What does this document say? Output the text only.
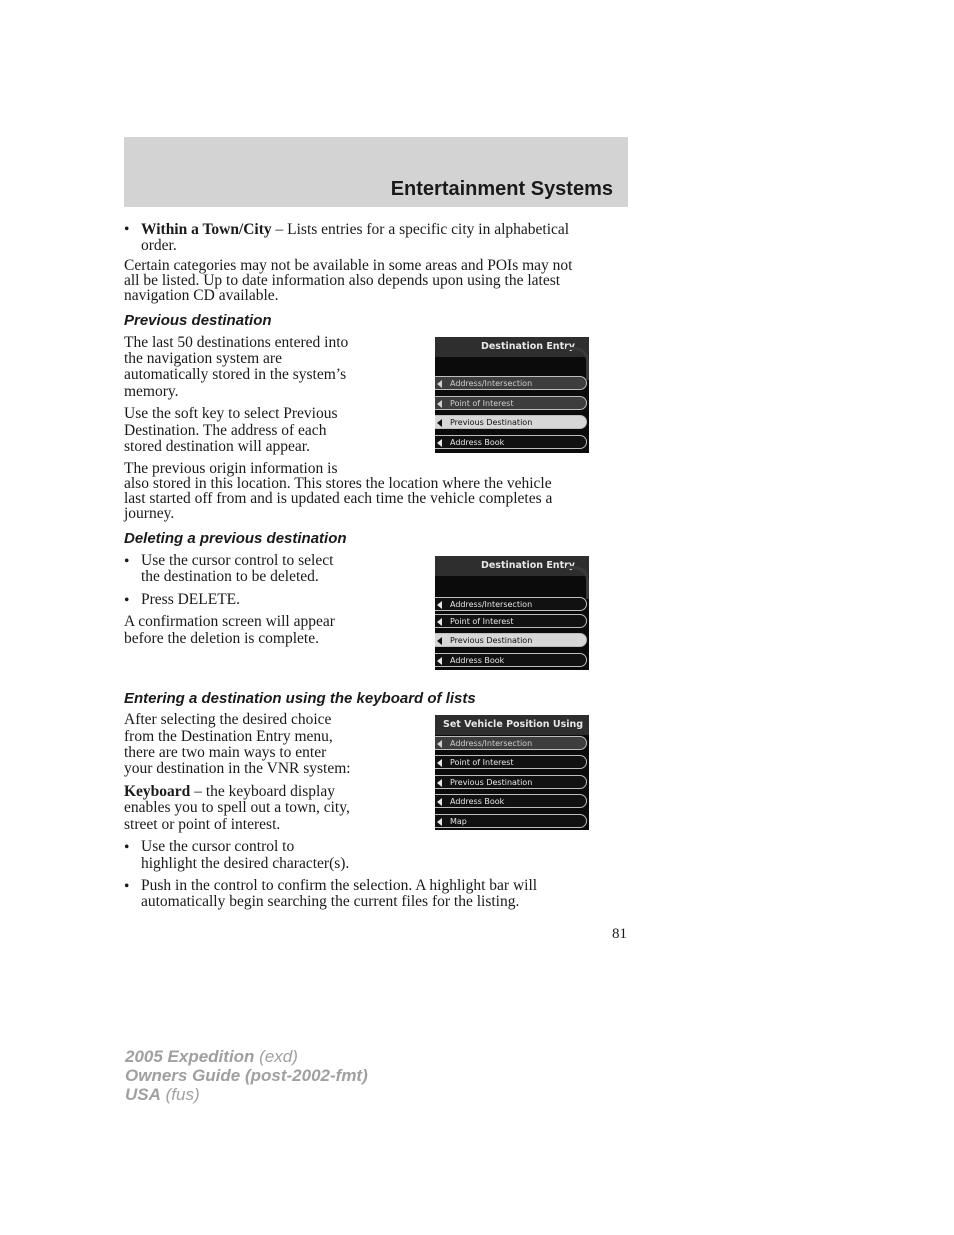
Entertainment Systems
• Within a Town/City – Lists entries for a specific city in alphabetical

order.

Certain categories may not be available in some areas and POIs may not

all be listed. Up to date information also depends upon using the latest

navigation CD available.

Previous destination

The last 50 destinations entered into

the navigation system are

automatically stored in the system’s

memory.

Use the soft key to select Previous

Destination. The address of each

stored destination will appear.

The previous origin information is

also stored in this location. This stores the location where the vehicle

last started off from and is updated each time the vehicle completes a

journey.

Destination Entry
Address/Intersection
Point of Interest
Previous Destination
Address Book
Deleting a previous destination
• Use the cursor control to select

the destination to be deleted.

• Press DELETE.

A confirmation screen will appear

before the deletion is complete.

Destination Entry
Address/Intersection
Point of Interest
Previous Destination
Address Book
Entering a destination using the keyboard of lists

After selecting the desired choice

from the Destination Entry menu,

there are two main ways to enter

your destination in the VNR system:

Keyboard – the keyboard display

enables you to spell out a town, city,

street or point of interest.

• Use the cursor control to

highlight the desired character(s).

• Push in the control to confirm the selection. A highlight bar will

automatically begin searching the current files for the listing.

Set Vehicle Position Using
Address/Intersection
Point of Interest
Previous Destination
Address Book
Map
81
2005 Expedition (exd)
Owners Guide (post-2002-fmt)
USA (fus)
